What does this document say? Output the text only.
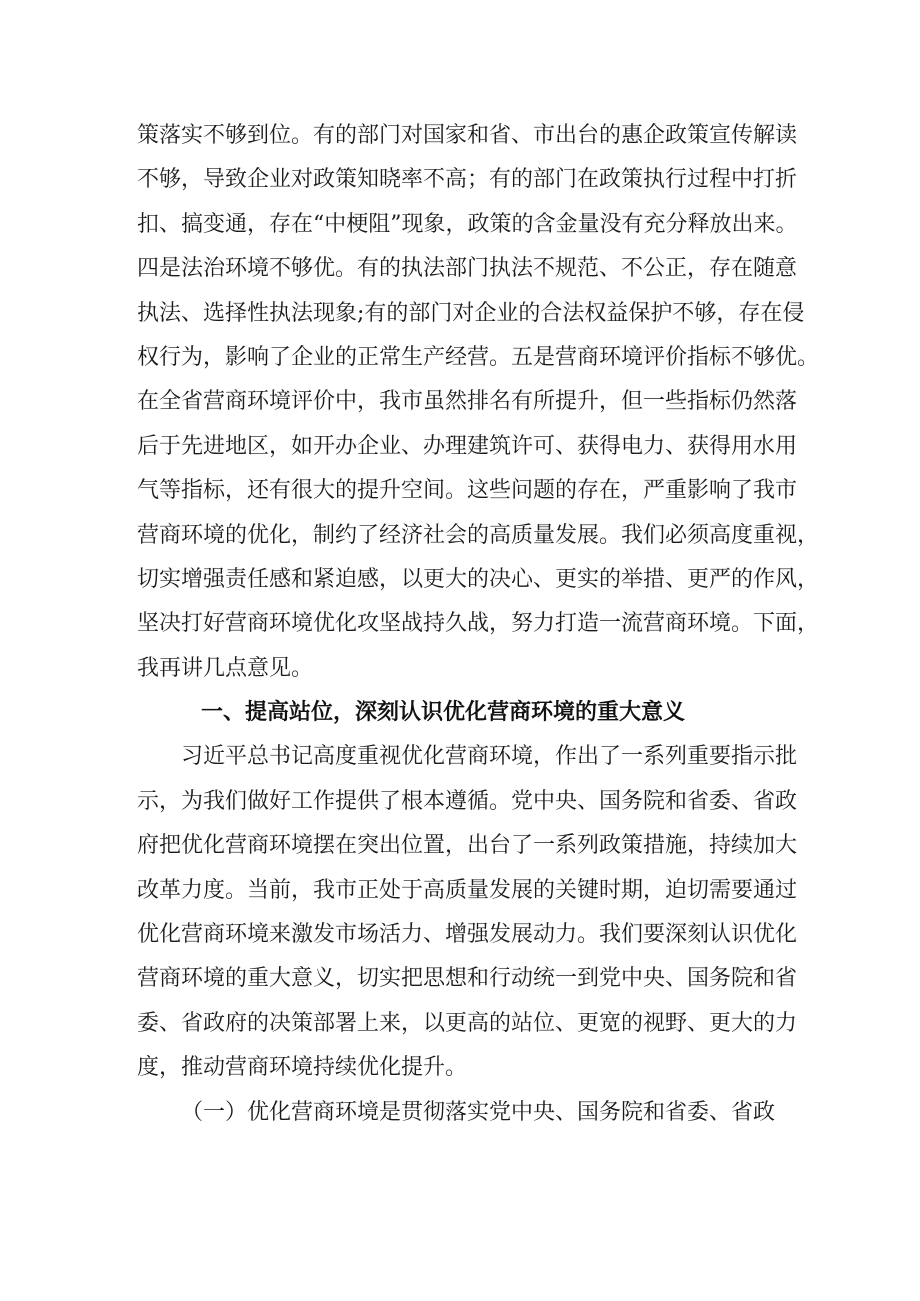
策落实不够到位。有的部门对国家和省、市出台的惠企政策宣传解读
不够，导致企业对政策知晓率不高；有的部门在政策执行过程中打折
扣、搞变通，存在“中梗阻”现象，政策的含金量没有充分释放出来。
四是法治环境不够优。有的执法部门执法不规范、不公正，存在随意
执法、选择性执法现象;有的部门对企业的合法权益保护不够，存在侵
权行为，影响了企业的正常生产经营。五是营商环境评价指标不够优。
在全省营商环境评价中，我市虽然排名有所提升，但一些指标仍然落
后于先进地区，如开办企业、办理建筑许可、获得电力、获得用水用
气等指标，还有很大的提升空间。这些问题的存在，严重影响了我市
营商环境的优化，制约了经济社会的高质量发展。我们必须高度重视，
切实增强责任感和紧迫感，以更大的决心、更实的举措、更严的作风，
坚决打好营商环境优化攻坚战持久战，努力打造一流营商环境。下面，
我再讲几点意见。
一、提高站位，深刻认识优化营商环境的重大意义
习近平总书记高度重视优化营商环境，作出了一系列重要指示批
示，为我们做好工作提供了根本遵循。党中央、国务院和省委、省政
府把优化营商环境摆在突出位置，出台了一系列政策措施，持续加大
改革力度。当前，我市正处于高质量发展的关键时期，迫切需要通过
优化营商环境来激发市场活力、增强发展动力。我们要深刻认识优化
营商环境的重大意义，切实把思想和行动统一到党中央、国务院和省
委、省政府的决策部署上来，以更高的站位、更宽的视野、更大的力
度，推动营商环境持续优化提升。
（一）优化营商环境是贯彻落实党中央、国务院和省委、省政
